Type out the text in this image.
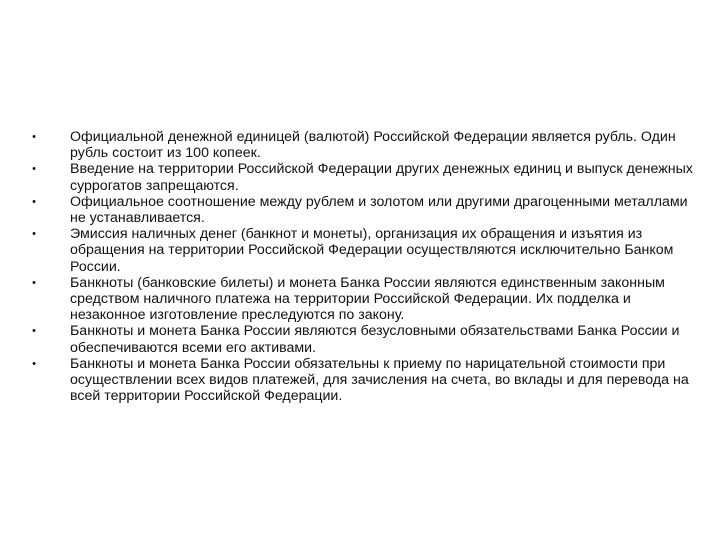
• Официальной денежной единицей (валютой) Российской Федерации является рубль. Один рубль состоит из 100 копеек.
• Введение на территории Российской Федерации других денежных единиц и выпуск денежных суррогатов запрещаются.
• Официальное соотношение между рублем и золотом или другими драгоценными металлами не устанавливается.
• Эмиссия наличных денег (банкнот и монеты), организация их обращения и изъятия из обращения на территории Российской Федерации осуществляются исключительно Банком России.
• Банкноты (банковские билеты) и монета Банка России являются единственным законным средством наличного платежа на территории Российской Федерации. Их подделка и незаконное изготовление преследуются по закону.
• Банкноты и монета Банка России являются безусловными обязательствами Банка России и обеспечиваются всеми его активами.
• Банкноты и монета Банка России обязательны к приему по нарицательной стоимости при осуществлении всех видов платежей, для зачисления на счета, во вклады и для перевода на всей территории Российской Федерации.
